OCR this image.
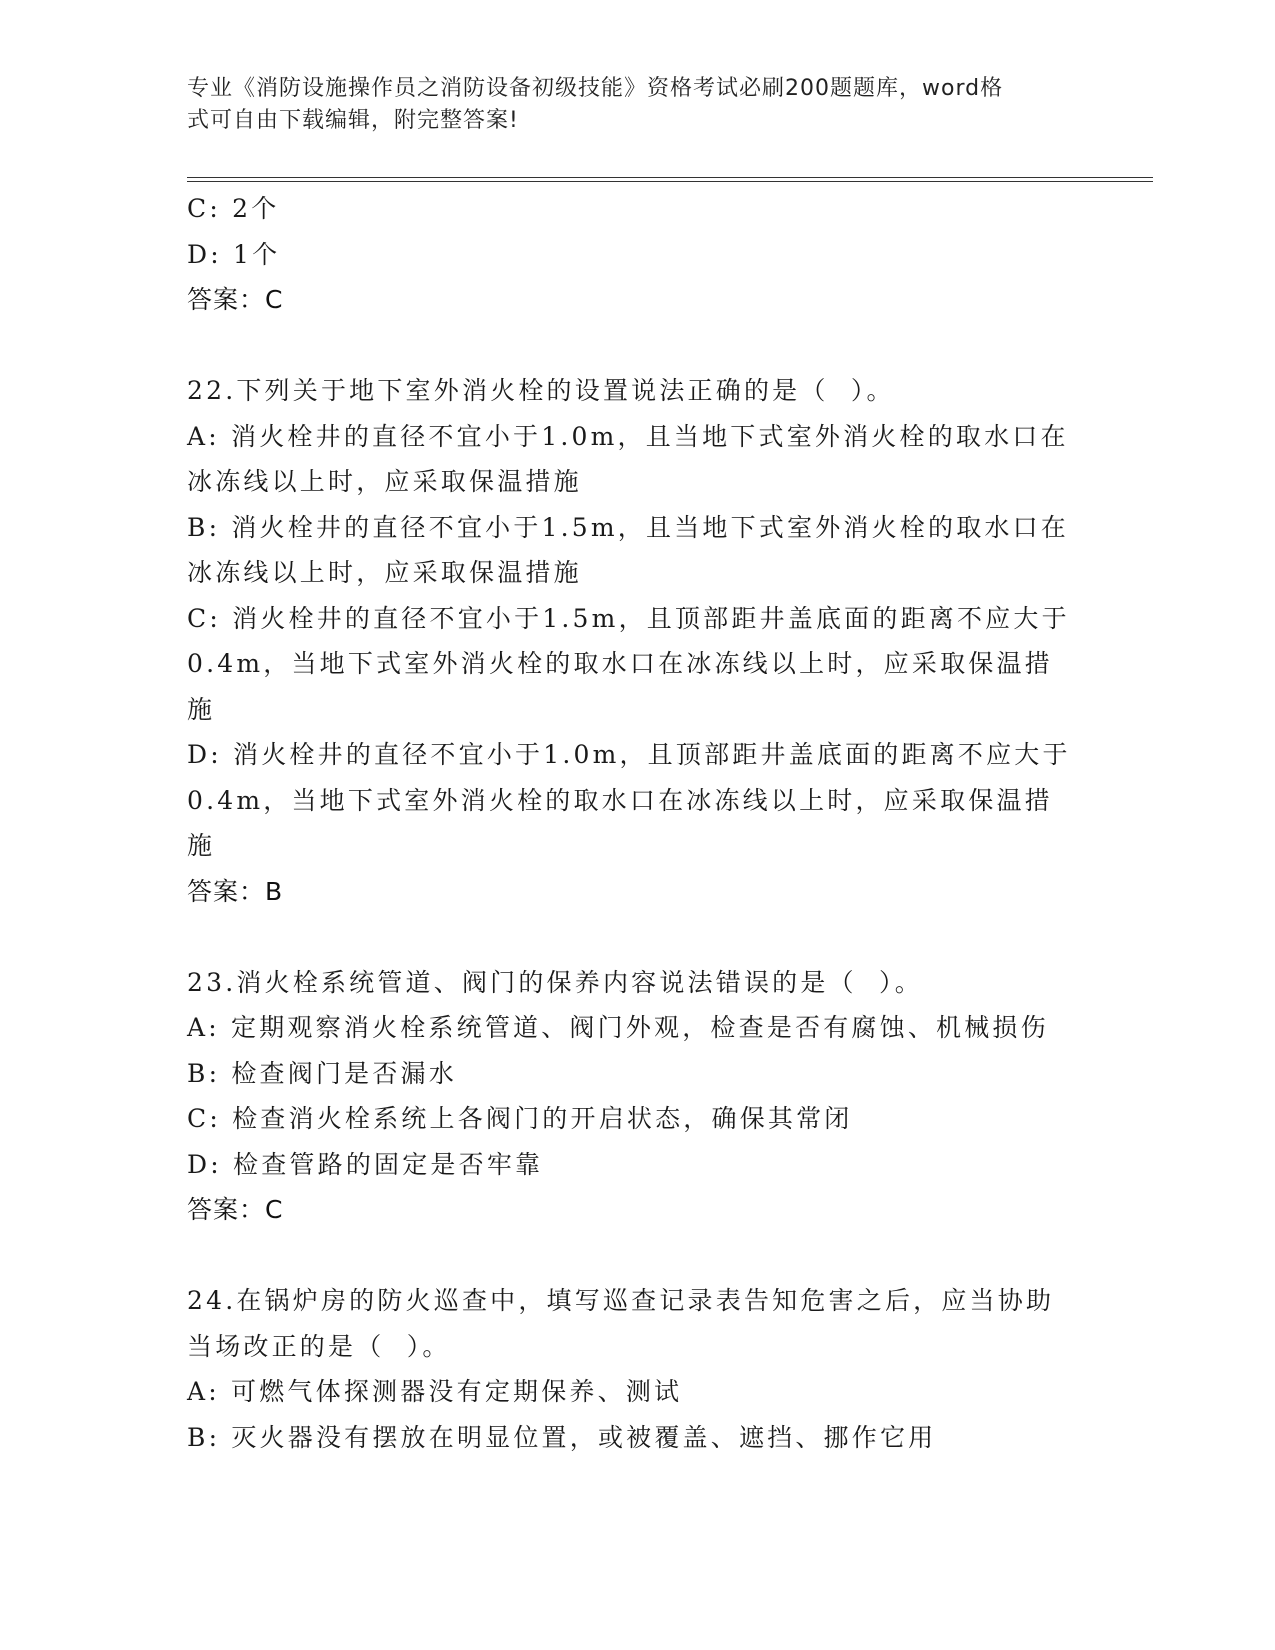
专业《消防设施操作员之消防设备初级技能》资格考试必刷200题题库，word格
式可自由下载编辑，附完整答案!
C: 2个
D: 1个
答案：C
22.下列关于地下室外消火栓的设置说法正确的是（  ）。
A: 消火栓井的直径不宜小于1.0m，且当地下式室外消火栓的取水口在
冰冻线以上时，应采取保温措施
B: 消火栓井的直径不宜小于1.5m，且当地下式室外消火栓的取水口在
冰冻线以上时，应采取保温措施
C: 消火栓井的直径不宜小于1.5m，且顶部距井盖底面的距离不应大于
0.4m，当地下式室外消火栓的取水口在冰冻线以上时，应采取保温措
施
D: 消火栓井的直径不宜小于1.0m，且顶部距井盖底面的距离不应大于
0.4m，当地下式室外消火栓的取水口在冰冻线以上时，应采取保温措
施
答案：B
23.消火栓系统管道、阀门的保养内容说法错误的是（  ）。
A: 定期观察消火栓系统管道、阀门外观，检查是否有腐蚀、机械损伤
B: 检查阀门是否漏水
C: 检查消火栓系统上各阀门的开启状态，确保其常闭
D: 检查管路的固定是否牢靠
答案：C
24.在锅炉房的防火巡查中，填写巡查记录表告知危害之后，应当协助
当场改正的是（  ）。
A: 可燃气体探测器没有定期保养、测试
B: 灭火器没有摆放在明显位置，或被覆盖、遮挡、挪作它用
